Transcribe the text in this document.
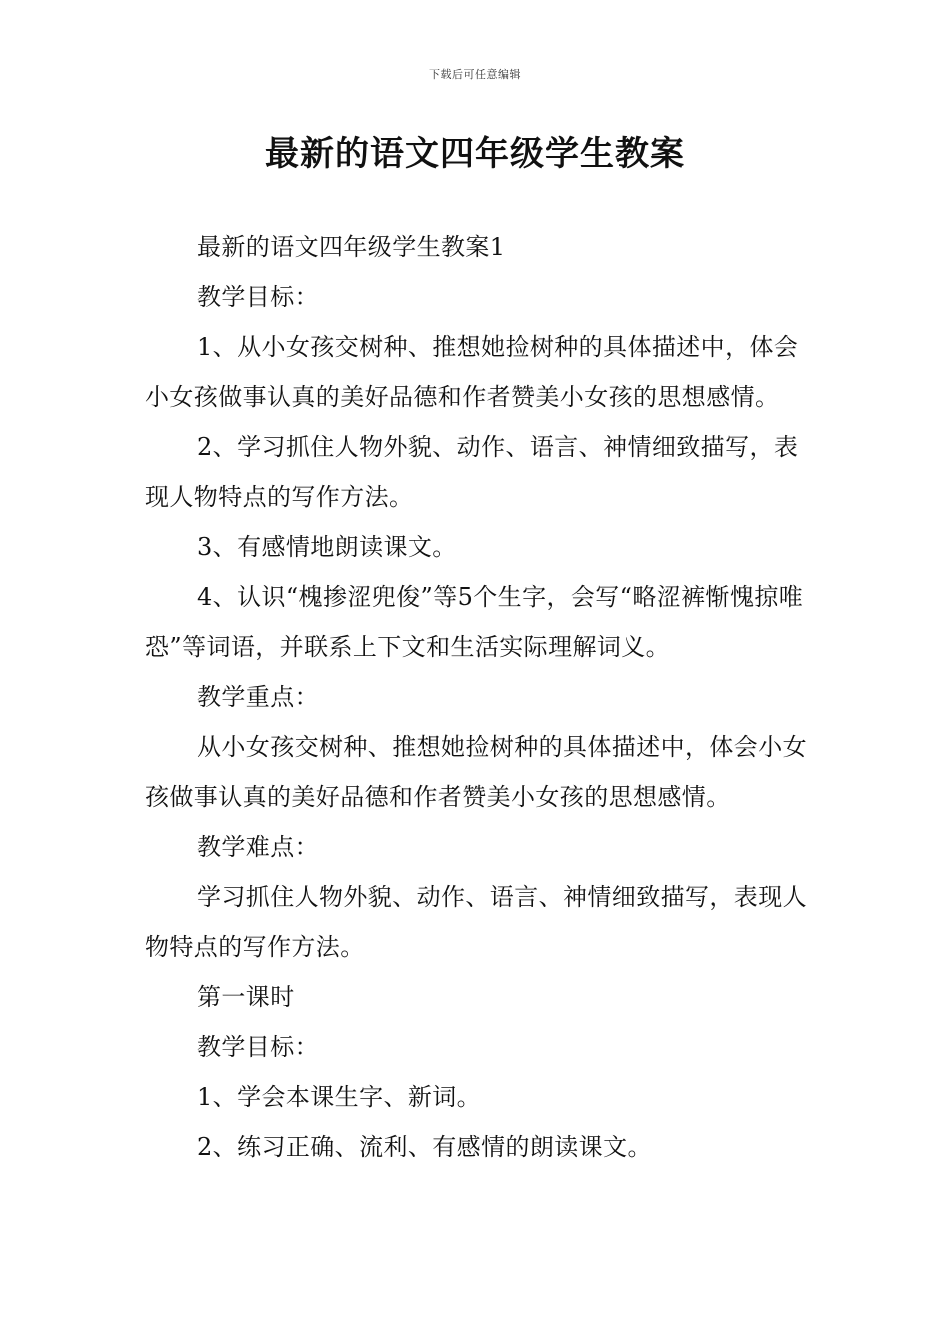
下载后可任意编辑
最新的语文四年级学生教案

最新的语文四年级学生教案1

教学目标：

1、从小女孩交树种、推想她捡树种的具体描述中，体会小女孩做事认真的美好品德和作者赞美小女孩的思想感情。

2、学习抓住人物外貌、动作、语言、神情细致描写，表现人物特点的写作方法。

3、有感情地朗读课文。

4、认识“槐掺涩兜俊”等5个生字，会写“略涩裤惭愧掠唯恐”等词语，并联系上下文和生活实际理解词义。

教学重点：

从小女孩交树种、推想她捡树种的具体描述中，体会小女孩做事认真的美好品德和作者赞美小女孩的思想感情。

教学难点：

学习抓住人物外貌、动作、语言、神情细致描写，表现人物特点的写作方法。

第一课时

教学目标：

1、学会本课生字、新词。

2、练习正确、流利、有感情的朗读课文。
